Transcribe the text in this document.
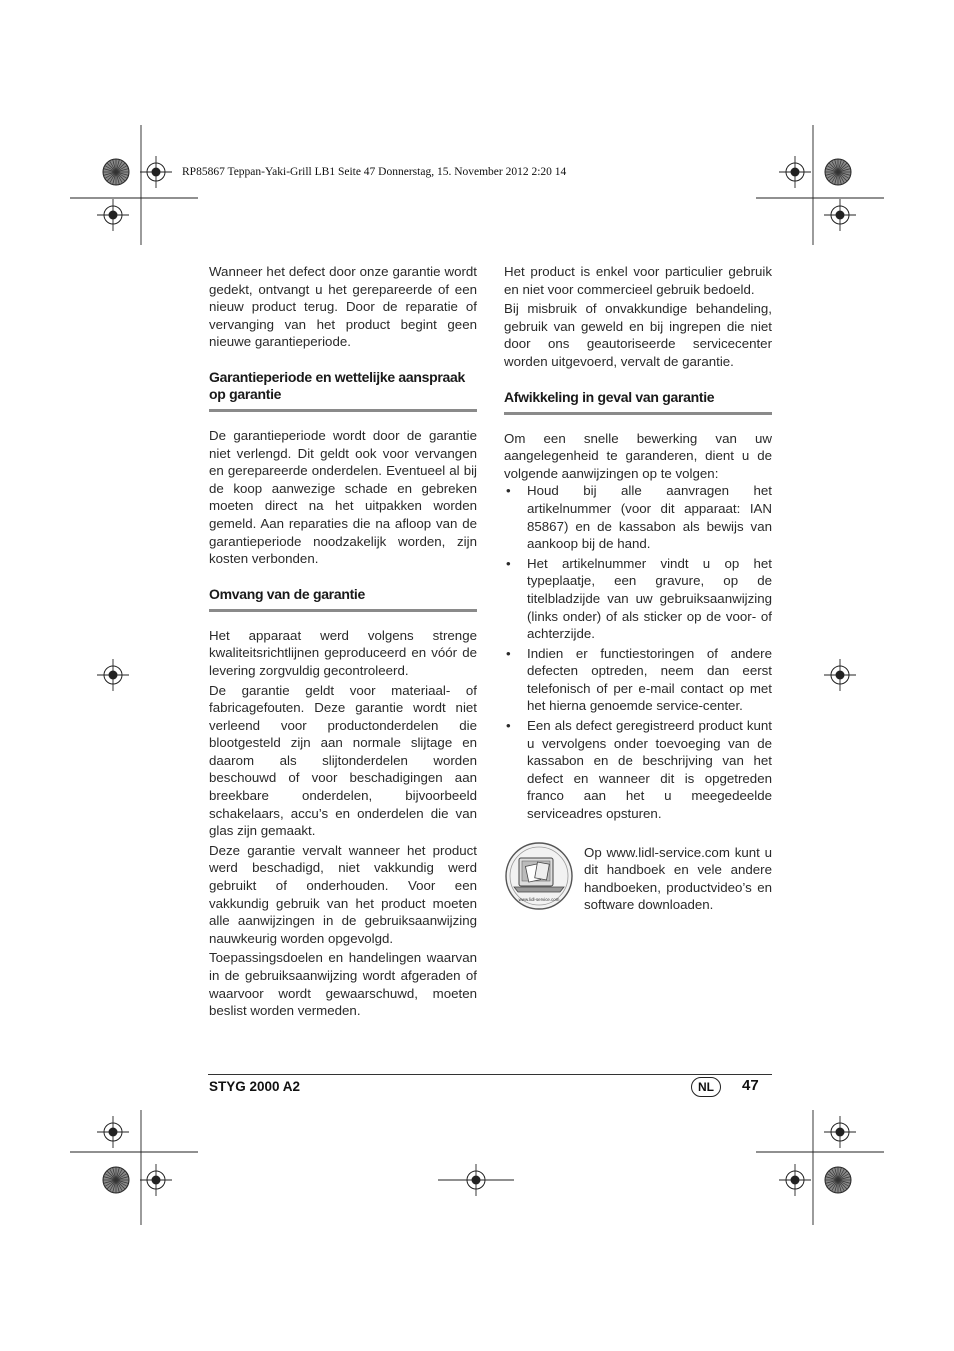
RP85867 Teppan-Yaki-Grill LB1 Seite 47 Donnerstag, 15. November 2012 2:20 14

Wanneer het defect door onze garantie wordt gedekt, ontvangt u het gerepareerde of een nieuw product terug. Door de reparatie of vervanging van het product begint geen nieuwe garantieperiode.

Garantieperiode en wettelijke aanspraak op garantie

De garantieperiode wordt door de garantie niet verlengd. Dit geldt ook voor vervangen en gerepareerde onderdelen. Eventueel al bij de koop aanwezige schade en gebreken moeten direct na het uitpakken worden gemeld. Aan reparaties die na afloop van de garantieperiode noodzakelijk worden, zijn kosten verbonden.

Omvang van de garantie

Het apparaat werd volgens strenge kwaliteitsrichtlijnen geproduceerd en vóór de levering zorgvuldig gecontroleerd.

De garantie geldt voor materiaal- of fabricagefouten. Deze garantie wordt niet verleend voor productonderdelen die blootgesteld zijn aan normale slijtage en daarom als slijtonderdelen worden beschouwd of voor beschadigingen aan breekbare onderdelen, bijvoorbeeld schakelaars, accu’s en onderdelen die van glas zijn gemaakt.

Deze garantie vervalt wanneer het product werd beschadigd, niet vakkundig werd gebruikt of onderhouden. Voor een vakkundig gebruik van het product moeten alle aanwijzingen in de gebruiksaanwijzing nauwkeurig worden opgevolgd.

Toepassingsdoelen en handelingen waarvan in de gebruiksaanwijzing wordt afgeraden of waarvoor wordt gewaarschuwd, moeten beslist worden vermeden.

Het product is enkel voor particulier gebruik en niet voor commercieel gebruik bedoeld.

Bij misbruik of onvakkundige behandeling, gebruik van geweld en bij ingrepen die niet door ons geautoriseerde servicecenter worden uitgevoerd, vervalt de garantie.

Afwikkeling in geval van garantie

Om een snelle bewerking van uw aangelegenheid te garanderen, dient u de volgende aanwijzingen op te volgen:

• Houd bij alle aanvragen het artikelnummer (voor dit apparaat: IAN 85867) en de kassabon als bewijs van aankoop bij de hand.
• Het artikelnummer vindt u op het typeplaatje, een gravure, op de titelbladzijde van uw gebruiksaanwijzing (links onder) of als sticker op de voor- of achterzijde.
• Indien er functiestoringen of andere defecten optreden, neem dan eerst telefonisch of per e-mail contact op met het hierna genoemde service-center.
• Een als defect geregistreerd product kunt u vervolgens onder toevoeging van de kassabon en de beschrijving van het defect en wanneer dit is opgetreden franco aan het u meegedeelde serviceadres opsturen.
www.lidl-service.com
Op www.lidl-service.com kunt u dit handboek en vele andere handboeken, productvideo’s en software downloaden.
STYG 2000 A2	NL	47
